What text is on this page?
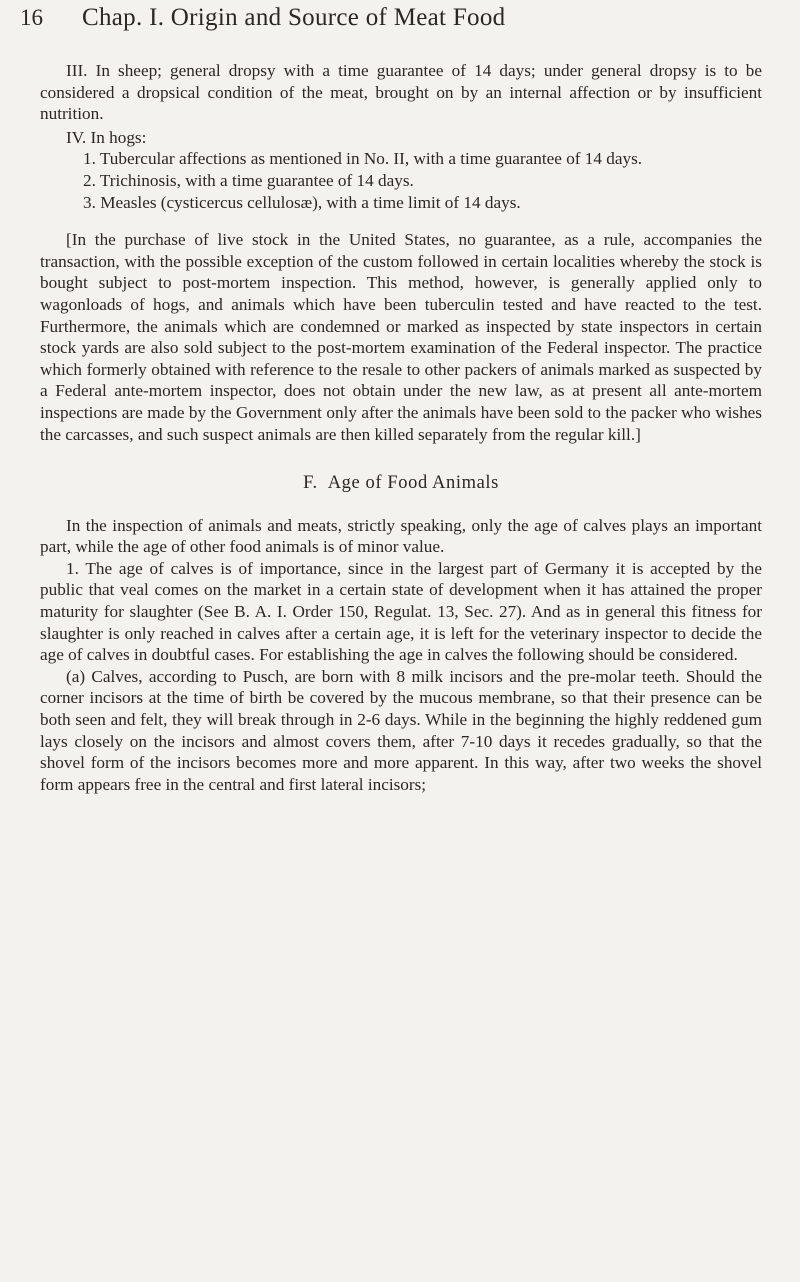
16	Chap. I. Origin and Source of Meat Food

III. In sheep; general dropsy with a time guarantee of 14 days; under general dropsy is to be considered a dropsical condition of the meat, brought on by an internal affection or by insufficient nutrition.

IV. In hogs:

1. Tubercular affections as mentioned in No. II, with a time guarantee of 14 days.

2. Trichinosis, with a time guarantee of 14 days.

3. Measles (cysticercus cellulosæ), with a time limit of 14 days.

[In the purchase of live stock in the United States, no guarantee, as a rule, accompanies the transaction, with the possible exception of the custom followed in certain localities whereby the stock is bought subject to post-mortem inspection. This method, however, is generally applied only to wagonloads of hogs, and animals which have been tuberculin tested and have reacted to the test. Furthermore, the animals which are condemned or marked as inspected by state inspectors in certain stock yards are also sold subject to the post-mortem examination of the Federal inspector. The practice which formerly obtained with reference to the resale to other packers of animals marked as suspected by a Federal ante-mortem inspector, does not obtain under the new law, as at present all ante-mortem inspections are made by the Government only after the animals have been sold to the packer who wishes the carcasses, and such suspect animals are then killed separately from the regular kill.]

F. Age of Food Animals

In the inspection of animals and meats, strictly speaking, only the age of calves plays an important part, while the age of other food animals is of minor value.

1. The age of calves is of importance, since in the largest part of Germany it is accepted by the public that veal comes on the market in a certain state of development when it has attained the proper maturity for slaughter (See B. A. I. Order 150, Regulat. 13, Sec. 27). And as in general this fitness for slaughter is only reached in calves after a certain age, it is left for the veterinary inspector to decide the age of calves in doubtful cases. For establishing the age in calves the following should be considered.

(a) Calves, according to Pusch, are born with 8 milk incisors and the pre-molar teeth. Should the corner incisors at the time of birth be covered by the mucous membrane, so that their presence can be both seen and felt, they will break through in 2-6 days. While in the beginning the highly reddened gum lays closely on the incisors and almost covers them, after 7-10 days it recedes gradually, so that the shovel form of the incisors becomes more and more apparent. In this way, after two weeks the shovel form appears free in the central and first lateral incisors;
